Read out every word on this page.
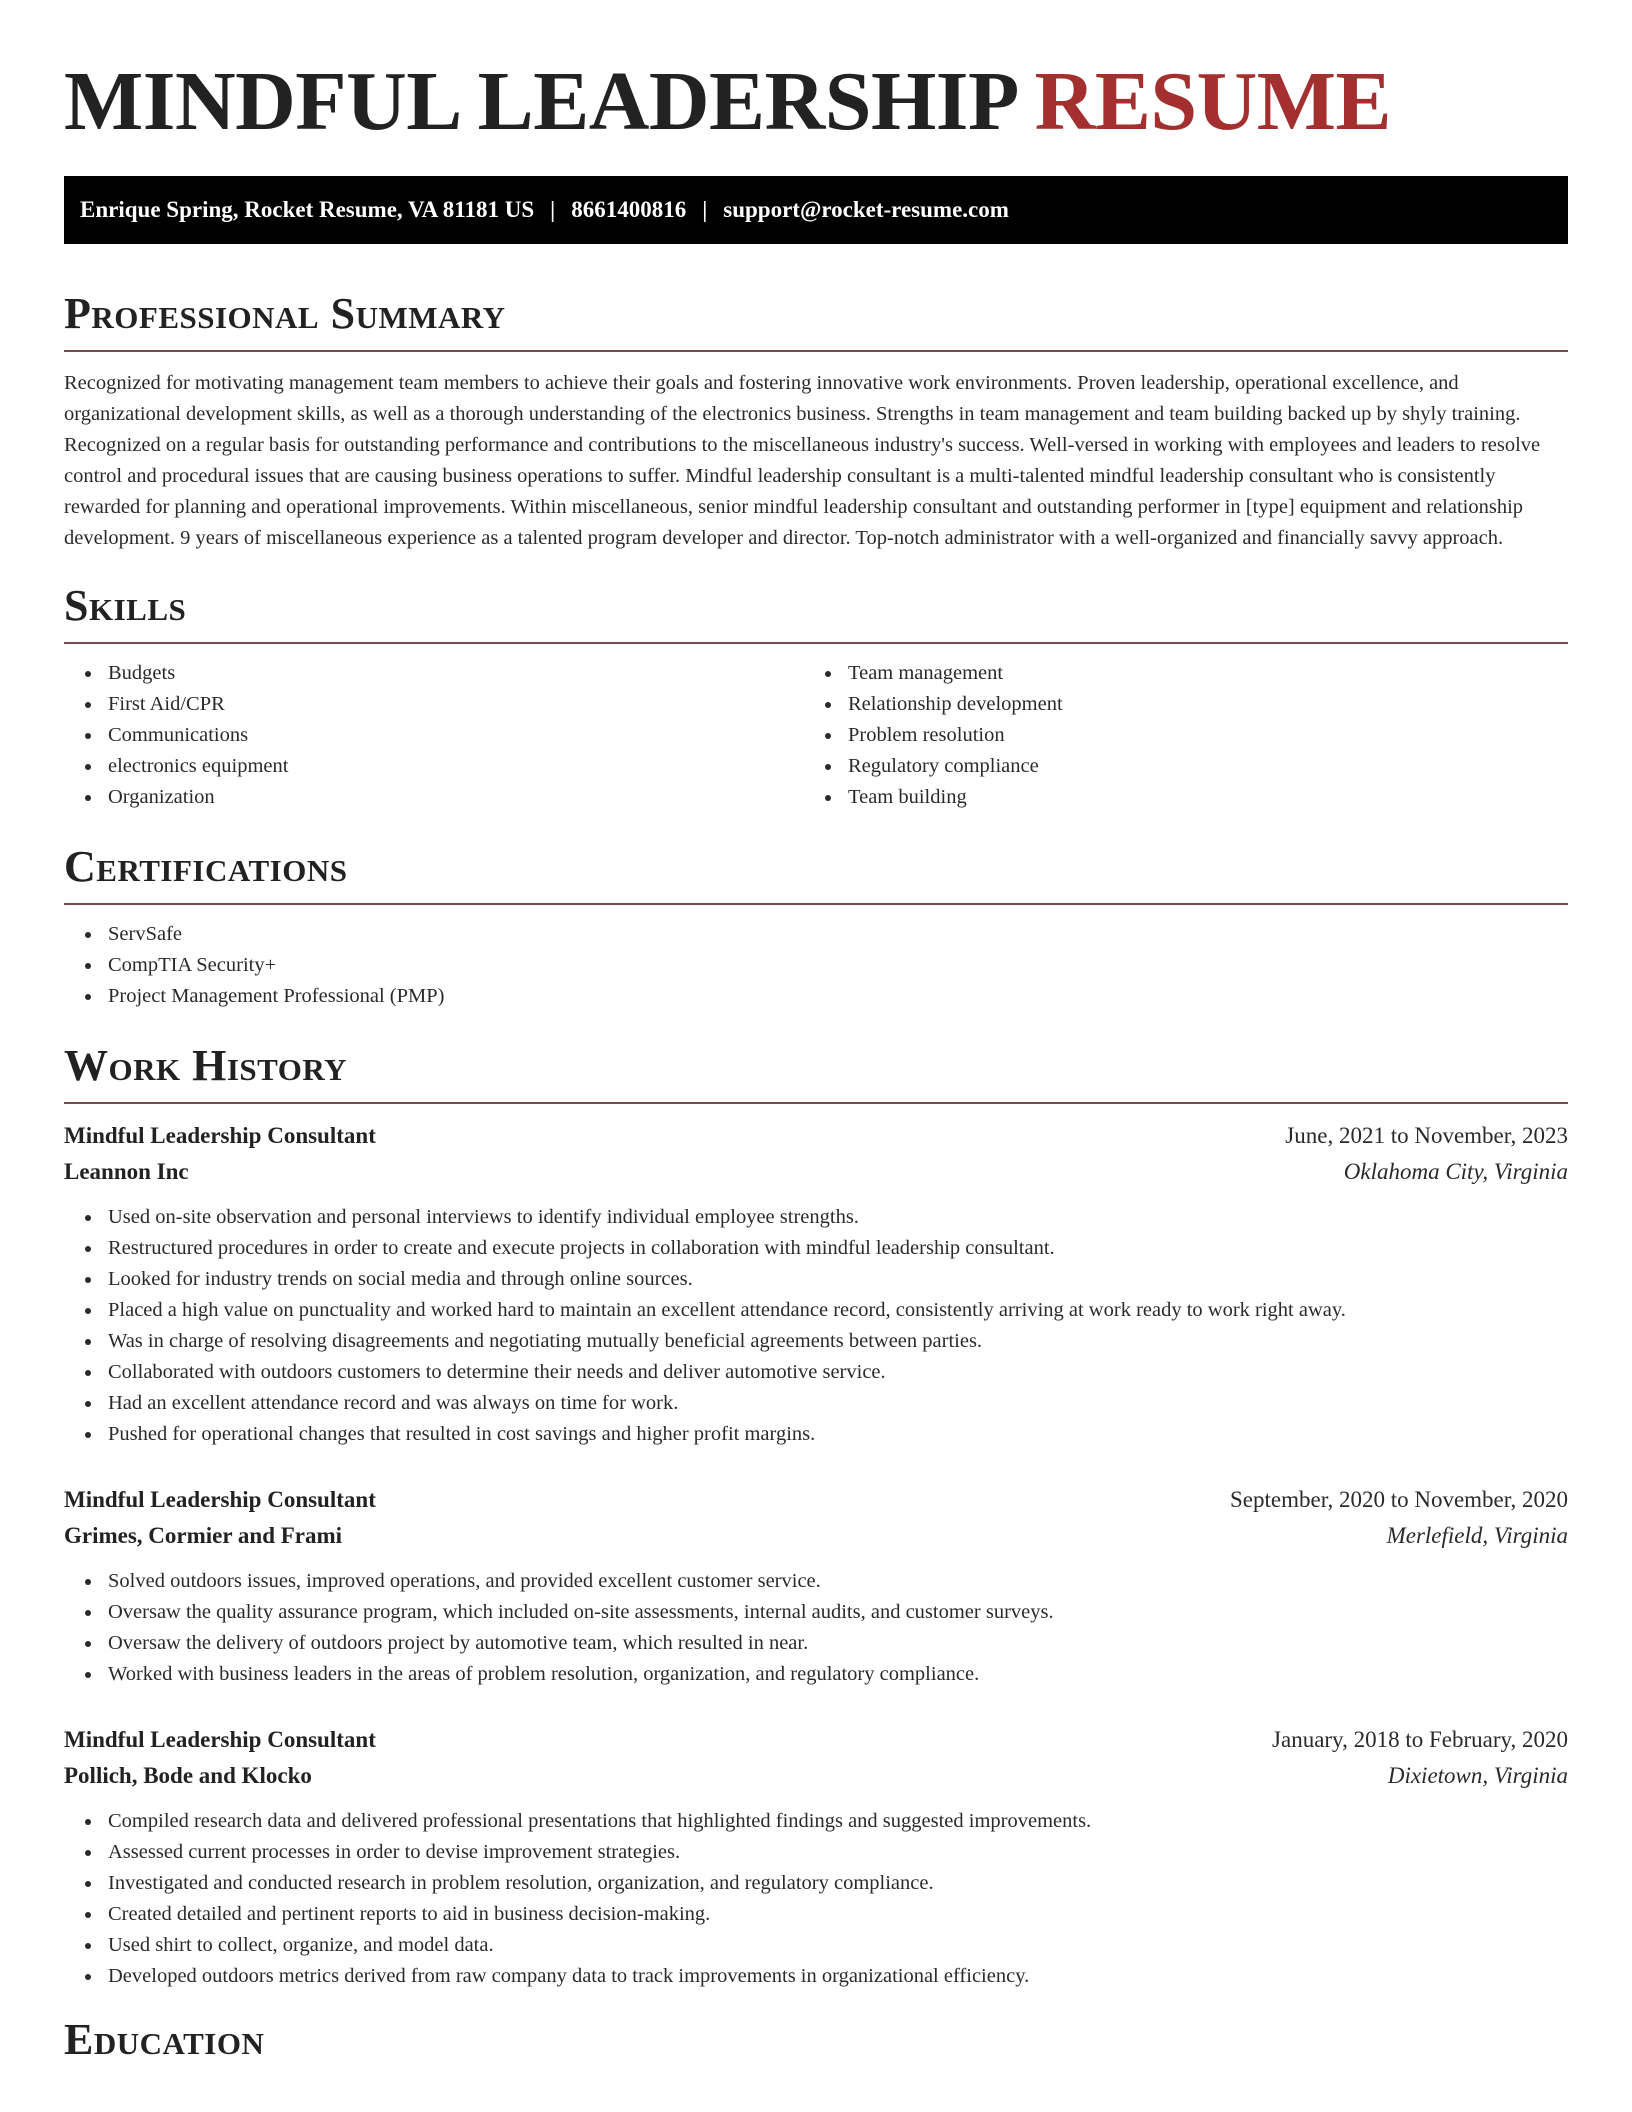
MINDFUL LEADERSHIP RESUME
Enrique Spring, Rocket Resume, VA 81181 US | 8661400816 | support@rocket-resume.com
Professional Summary

Recognized for motivating management team members to achieve their goals and fostering innovative work environments. Proven leadership, operational excellence, and organizational development skills, as well as a thorough understanding of the electronics business. Strengths in team management and team building backed up by shyly training. Recognized on a regular basis for outstanding performance and contributions to the miscellaneous industry's success. Well-versed in working with employees and leaders to resolve control and procedural issues that are causing business operations to suffer. Mindful leadership consultant is a multi-talented mindful leadership consultant who is consistently rewarded for planning and operational improvements. Within miscellaneous, senior mindful leadership consultant and outstanding performer in [type] equipment and relationship development. 9 years of miscellaneous experience as a talented program developer and director. Top-notch administrator with a well-organized and financially savvy approach.

Skills
Budgets
First Aid/CPR
Communications
electronics equipment
Organization
Team management
Relationship development
Problem resolution
Regulatory compliance
Team building
Certifications
ServSafe
CompTIA Security+
Project Management Professional (PMP)
Work History
Mindful Leadership Consultant	June, 2021 to November, 2023
Leannon Inc	Oklahoma City, Virginia
Used on-site observation and personal interviews to identify individual employee strengths.
Restructured procedures in order to create and execute projects in collaboration with mindful leadership consultant.
Looked for industry trends on social media and through online sources.
Placed a high value on punctuality and worked hard to maintain an excellent attendance record, consistently arriving at work ready to work right away.
Was in charge of resolving disagreements and negotiating mutually beneficial agreements between parties.
Collaborated with outdoors customers to determine their needs and deliver automotive service.
Had an excellent attendance record and was always on time for work.
Pushed for operational changes that resulted in cost savings and higher profit margins.
Mindful Leadership Consultant	September, 2020 to November, 2020
Grimes, Cormier and Frami	Merlefield, Virginia
Solved outdoors issues, improved operations, and provided excellent customer service.
Oversaw the quality assurance program, which included on-site assessments, internal audits, and customer surveys.
Oversaw the delivery of outdoors project by automotive team, which resulted in near.
Worked with business leaders in the areas of problem resolution, organization, and regulatory compliance.
Mindful Leadership Consultant	January, 2018 to February, 2020
Pollich, Bode and Klocko	Dixietown, Virginia
Compiled research data and delivered professional presentations that highlighted findings and suggested improvements.
Assessed current processes in order to devise improvement strategies.
Investigated and conducted research in problem resolution, organization, and regulatory compliance.
Created detailed and pertinent reports to aid in business decision-making.
Used shirt to collect, organize, and model data.
Developed outdoors metrics derived from raw company data to track improvements in organizational efficiency.
Education
